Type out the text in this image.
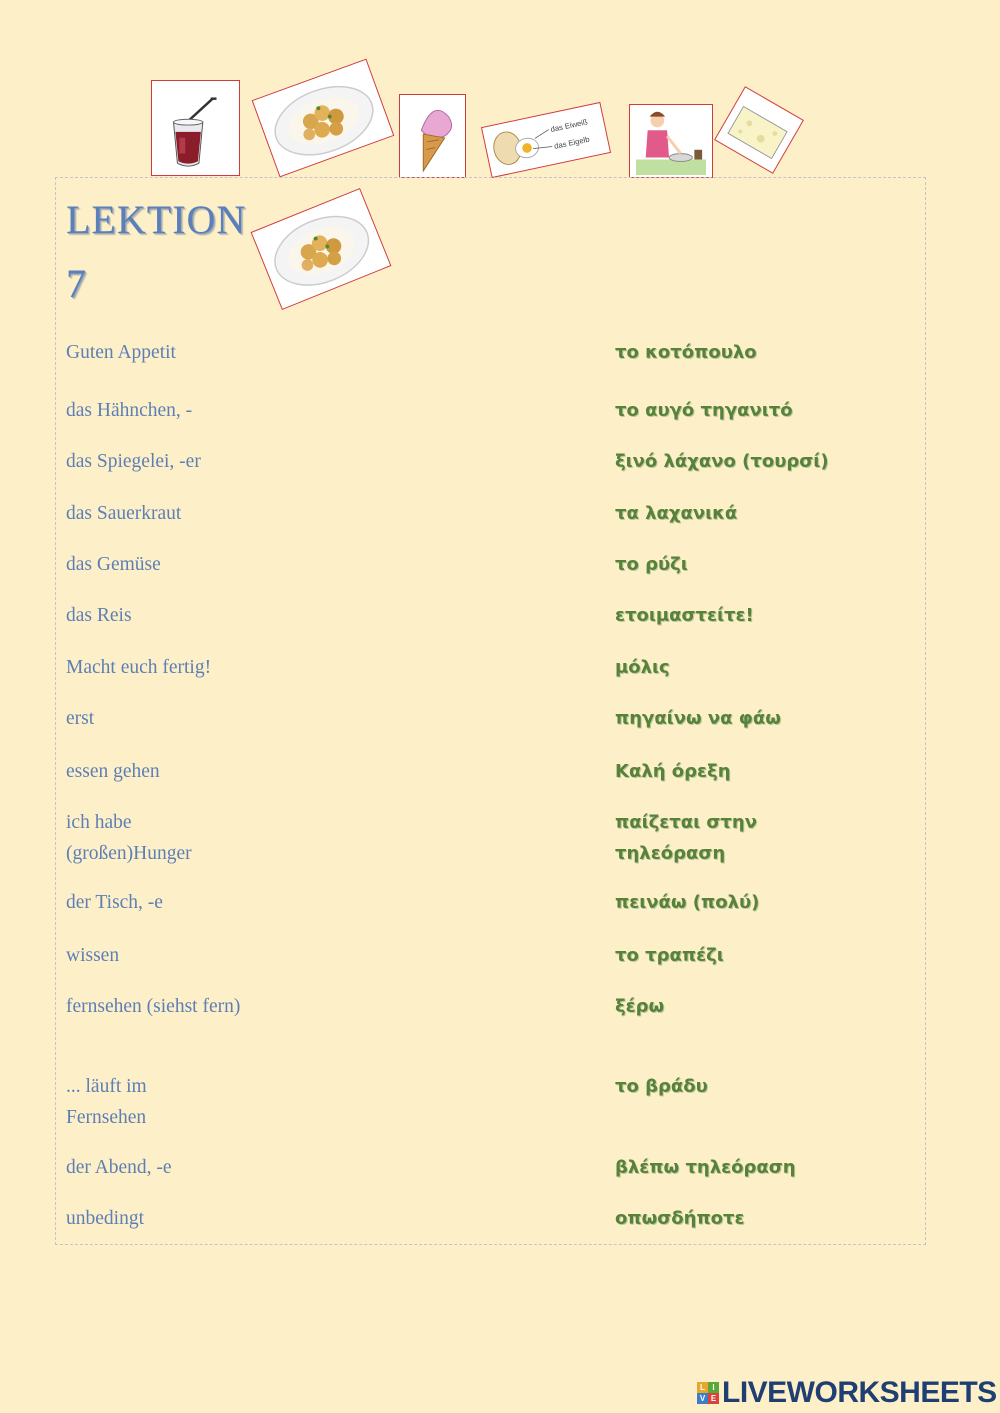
das Eiweiß
das Eigelb
LEKTION
7
Guten Appetit
das Hähnchen, -
das Spiegelei, -er
das Sauerkraut
das Gemüse
das Reis
Macht euch fertig!
erst
essen gehen
ich habe (großen)Hunger
der Tisch, -e
wissen
fernsehen (siehst fern)
... läuft im Fernsehen
der Abend, -e
unbedingt
το κοτόπουλο
το αυγό τηγανιτό
ξινό λάχανο (τουρσί)
τα λαχανικά
το ρύζι
ετοιμαστείτε!
μόλις
πηγαίνω να φάω
Καλή όρεξη
παίζεται στην τηλεόραση
πεινάω (πολύ)
το τραπέζι
ξέρω
το βράδυ
βλέπω τηλεόραση
οπωσδήποτε
L I
V E LIVEWORKSHEETS
